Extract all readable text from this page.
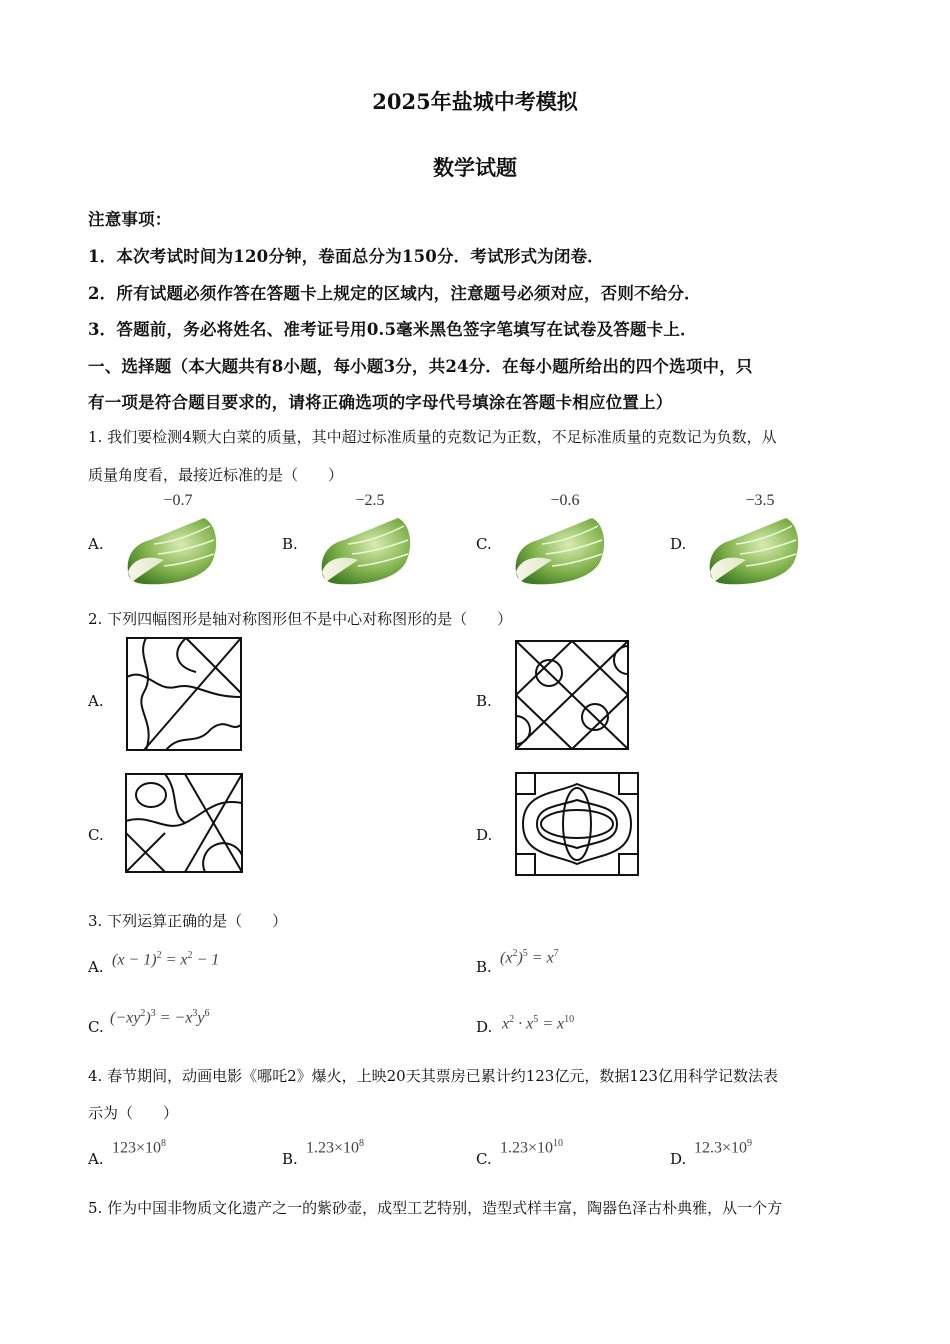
2025年盐城中考模拟
数学试题
注意事项：
1．本次考试时间为120分钟，卷面总分为150分．考试形式为闭卷．
2．所有试题必须作答在答题卡上规定的区域内，注意题号必须对应，否则不给分．
3．答题前，务必将姓名、准考证号用0.5毫米黑色签字笔填写在试卷及答题卡上．
一、选择题（本大题共有8小题，每小题3分，共24分．在每小题所给出的四个选项中，只
有一项是符合题目要求的，请将正确选项的字母代号填涂在答题卡相应位置上）
1. 我们要检测4颗大白菜的质量，其中超过标准质量的克数记为正数，不足标准质量的克数记为负数，从
质量角度看，最接近标准的是（　　）
A.
−0.7
B.
−2.5
C.
−0.6
D.
−3.5
2. 下列四幅图形是轴对称图形但不是中心对称图形的是（　　）
A.	B.
C.	D.
3. 下列运算正确的是（　　）
A. $(x - 1)^2 = x^2 - 1$	B.
$(x^2)^5 = x^7$
C.
$(-xy^2)^3 = -x^3y^6$
D. $x^2 \cdot x^5 = x^{10}$
4. 春节期间，动画电影《哪吒2》爆火，上映20天其票房已累计约123亿元，数据123亿用科学记数法表
示为（　　）
A.
$123\times 10^8$
B.
$1.23\times 10^8$
C.
$1.23\times 10^{10}$
D.
$12.3\times 10^9$
5. 作为中国非物质文化遗产之一的紫砂壶，成型工艺特别，造型式样丰富，陶器色泽古朴典雅，从一个方
